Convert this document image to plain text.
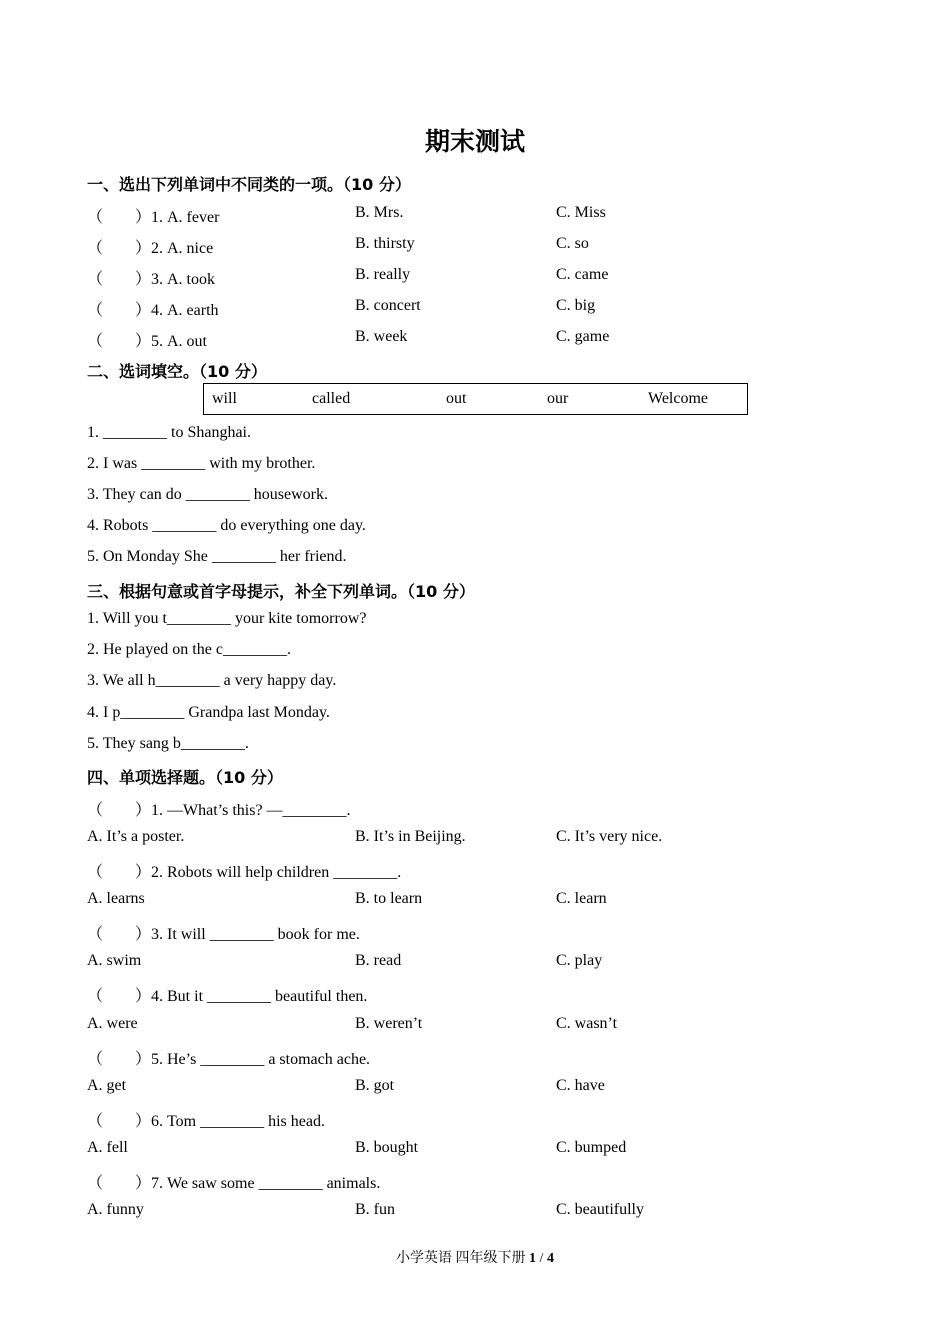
期末测试
一、选出下列单词中不同类的一项。（10 分）
（　　）1. A. fever	B. Mrs.	C. Miss
（　　）2. A. nice	B. thirsty	C. so
（　　）3. A. took	B. really	C. came
（　　）4. A. earth	B. concert	C. big
（　　）5. A. out	B. week	C. game
二、选词填空。（10 分）
will	called	out	our	Welcome
1. ________ to Shanghai.
2. I was ________ with my brother.
3. They can do ________ housework.
4. Robots ________ do everything one day.
5. On Monday She ________ her friend.
三、根据句意或首字母提示，补全下列单词。（10 分）
1. Will you t________ your kite tomorrow?
2. He played on the c________.
3. We all h________ a very happy day.
4. I p________ Grandpa last Monday.
5. They sang b________.
四、单项选择题。（10 分）
（　　）1. —What’s this? —________.
A. It’s a poster.	B. It’s in Beijing.	C. It’s very nice.
（　　）2. Robots will help children ________.
A. learns	B. to learn	C. learn
（　　）3. It will ________ book for me.
A. swim	B. read	C. play
（　　）4. But it ________ beautiful then.
A. were	B. weren’t	C. wasn’t
（　　）5. He’s ________ a stomach ache.
A. get	B. got	C. have
（　　）6. Tom ________ his head.
A. fell	B. bought	C. bumped
（　　）7. We saw some ________ animals.
A. funny	B. fun	C. beautifully
小学英语 四年级下册 1 / 4
